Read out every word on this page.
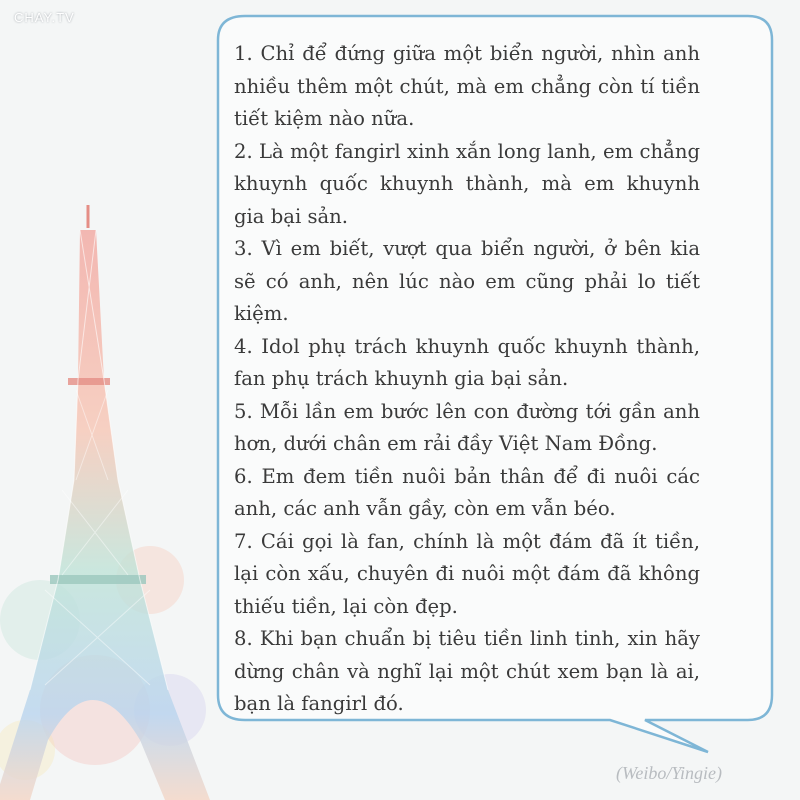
CHAY.TV

1. Chỉ để đứng giữa một biển người, nhìn anh nhiều thêm một chút, mà em chẳng còn tí tiền tiết kiệm nào nữa.

2. Là một fangirl xinh xắn long lanh, em chẳng khuynh quốc khuynh thành, mà em khuynh gia bại sản.

3. Vì em biết, vượt qua biển người, ở bên kia sẽ có anh, nên lúc nào em cũng phải lo tiết kiệm.

4. Idol phụ trách khuynh quốc khuynh thành, fan phụ trách khuynh gia bại sản.

5. Mỗi lần em bước lên con đường tới gần anh hơn, dưới chân em rải đầy Việt Nam Đồng.

6. Em đem tiền nuôi bản thân để đi nuôi các anh, các anh vẫn gầy, còn em vẫn béo.

7. Cái gọi là fan, chính là một đám đã ít tiền, lại còn xấu, chuyên đi nuôi một đám đã không thiếu tiền, lại còn đẹp.

8. Khi bạn chuẩn bị tiêu tiền linh tinh, xin hãy dừng chân và nghĩ lại một chút xem bạn là ai, bạn là fangirl đó.

(Weibo/Yingie)
